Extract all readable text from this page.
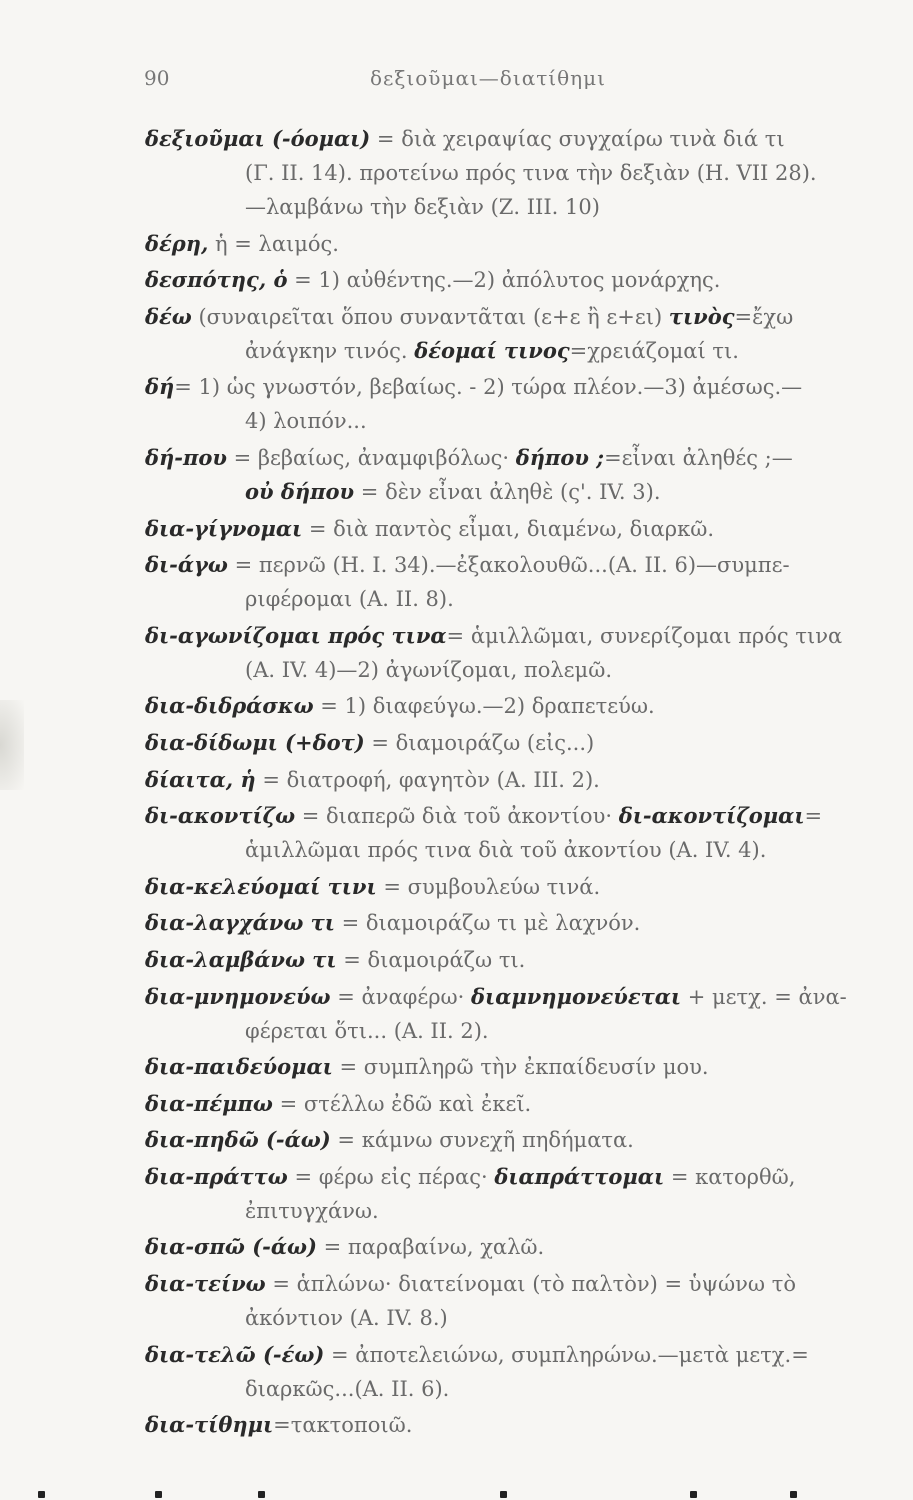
90	δεξιοῦμαι—διατίθημι
δεξιοῦμαι (-όομαι) = διὰ χειραψίας συγχαίρω τινὰ διά τι
(Γ. ΙΙ. 14). προτείνω πρός τινα τὴν δεξιὰν (Η. VII 28).
—λαμβάνω τὴν δεξιὰν (Ζ. ΙΙΙ. 10)
δέρη, ἡ = λαιμός.
δεσπότης, ὁ = 1) αὐθέντης.—2) ἀπόλυτος μονάρχης.
δέω (συναιρεῖται ὅπου συναντᾶται (ε+ε ἢ ε+ει) τινὸς=ἔχω
ἀνάγκην τινός. δέομαί τινος=χρειάζομαί τι.
δή= 1) ὡς γνωστόν, βεβαίως. - 2) τώρα πλέον.—3) ἀμέσως.—
4) λοιπόν...
δή-που = βεβαίως, ἀναμφιβόλως· δήπου ;=εἶναι ἀληθές ;—
οὐ δήπου = δὲν εἶναι ἀληθὲ (ς'. IV. 3).
δια-γίγνομαι = διὰ παντὸς εἶμαι, διαμένω, διαρκῶ.
δι-άγω = περνῶ (Η. Ι. 34).—ἐξακολουθῶ...(Α. ΙΙ. 6)—συμπε-
ριφέρομαι (Α. ΙΙ. 8).
δι-αγωνίζομαι πρός τινα= ἁμιλλῶμαι, συνερίζομαι πρός τινα
(Α. IV. 4)—2) ἀγωνίζομαι, πολεμῶ.
δια-διδράσκω = 1) διαφεύγω.—2) δραπετεύω.
δια-δίδωμι (+δοτ) = διαμοιράζω (εἰς...)
δίαιτα, ἡ = διατροφή, φαγητὸν (Α. ΙΙΙ. 2).
δι-ακοντίζω = διαπερῶ διὰ τοῦ ἀκοντίου· δι-ακοντίζομαι=
ἁμιλλῶμαι πρός τινα διὰ τοῦ ἀκοντίου (Α. IV. 4).
δια-κελεύομαί τινι = συμβουλεύω τινά.
δια-λαγχάνω τι = διαμοιράζω τι μὲ λαχνόν.
δια-λαμβάνω τι = διαμοιράζω τι.
δια-μνημονεύω = ἀναφέρω· διαμνημονεύεται + μετχ. = ἀνα-
φέρεται ὅτι... (Α. ΙΙ. 2).
δια-παιδεύομαι = συμπληρῶ τὴν ἐκπαίδευσίν μου.
δια-πέμπω = στέλλω ἐδῶ καὶ ἐκεῖ.
δια-πηδῶ (-άω) = κάμνω συνεχῆ πηδήματα.
δια-πράττω = φέρω εἰς πέρας· διαπράττομαι = κατορθῶ,
ἐπιτυγχάνω.
δια-σπῶ (-άω) = παραβαίνω, χαλῶ.
δια-τείνω = ἁπλώνω· διατείνομαι (τὸ παλτὸν) = ὑψώνω τὸ
ἀκόντιον (Α. IV. 8.)
δια-τελῶ (-έω) = ἀποτελειώνω, συμπληρώνω.—μετὰ μετχ.=
διαρκῶς...(Α. ΙΙ. 6).
δια-τίθημι=τακτοποιῶ.
